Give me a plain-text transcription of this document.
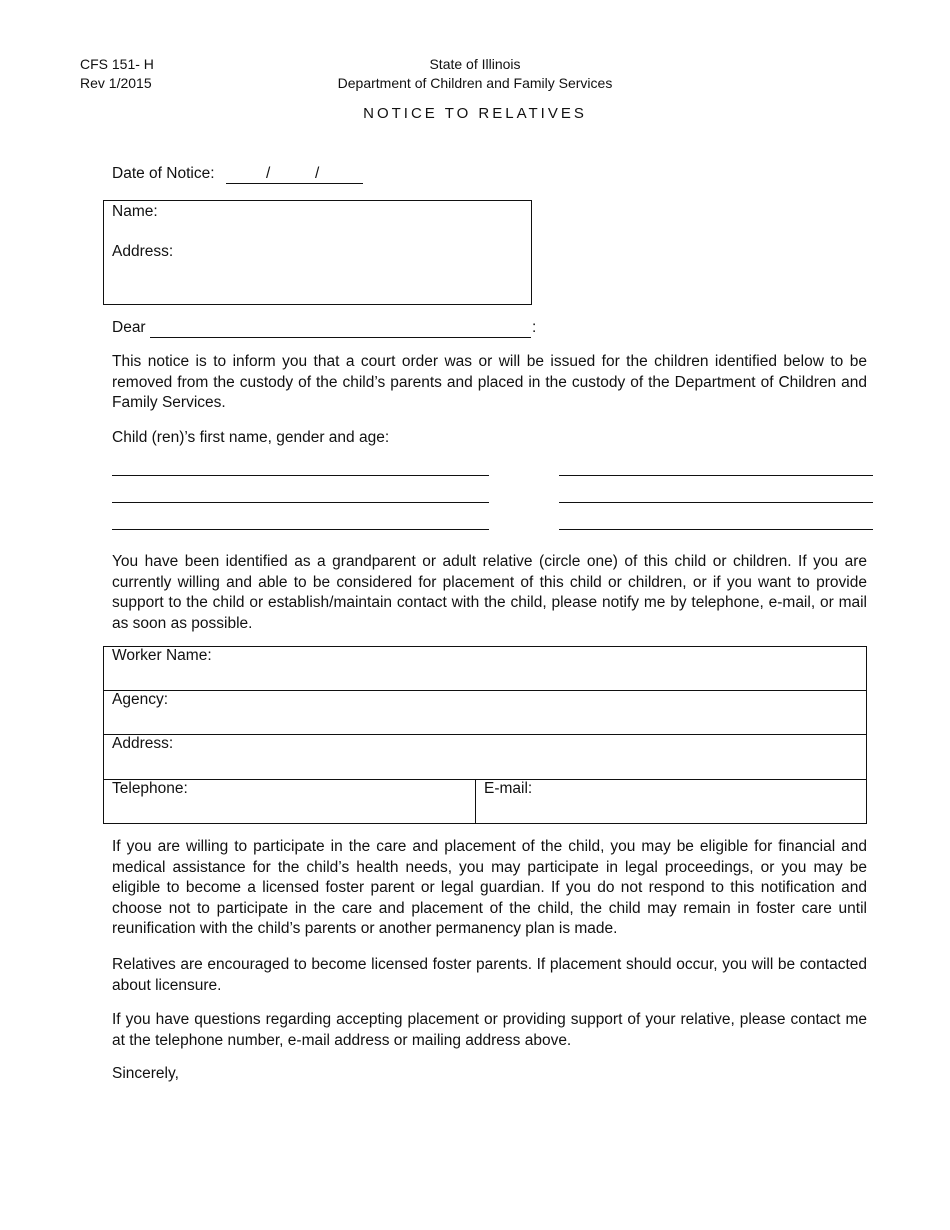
CFS 151- H
Rev 1/2015
State of Illinois
Department of Children and Family Services
NOTICE TO RELATIVES
Date of Notice:	/	/
Name:
Address:
Dear	:
This notice is to inform you that a court order was or will be issued for the children identified below to be removed from the custody of the child’s parents and placed in the custody of the Department of Children and Family Services.
Child (ren)’s first name, gender and age:
You have been identified as a grandparent or adult relative (circle one) of this child or children. If you are currently willing and able to be considered for placement of this child or children, or if you want to provide support to the child or establish/maintain contact with the child, please notify me by telephone, e-mail, or mail as soon as possible.
Worker Name:
Agency:
Address:
Telephone:	E-mail:
If you are willing to participate in the care and placement of the child, you may be eligible for financial and medical assistance for the child’s health needs, you may participate in legal proceedings, or you may be eligible to become a licensed foster parent or legal guardian. If you do not respond to this notification and choose not to participate in the care and placement of the child, the child may remain in foster care until reunification with the child’s parents or another permanency plan is made.
Relatives are encouraged to become licensed foster parents. If placement should occur, you will be contacted about licensure.
If you have questions regarding accepting placement or providing support of your relative, please contact me at the telephone number, e-mail address or mailing address above.
Sincerely,
